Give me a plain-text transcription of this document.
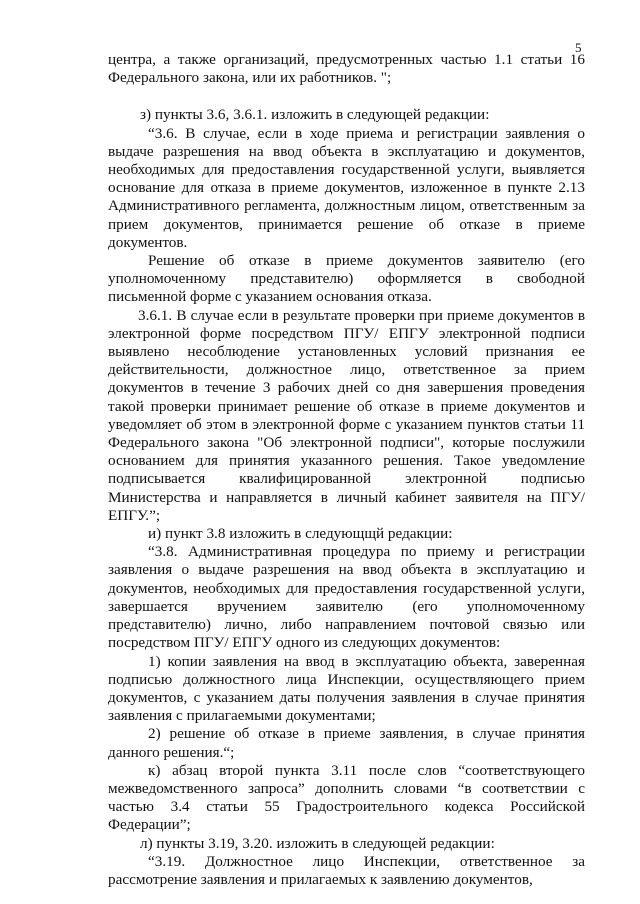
5

центра, а также организаций, предусмотренных частью 1.1 статьи 16 Федерального закона, или их работников. ";

з) пункты 3.6, 3.6.1. изложить в следующей редакции:

“3.6. В случае, если в ходе приема и регистрации заявления о выдаче разрешения на ввод объекта в эксплуатацию и документов, необходимых для предоставления государственной услуги, выявляется основание для отказа в приеме документов, изложенное в пункте 2.13 Административного регламента, должностным лицом, ответственным за прием документов, принимается решение об отказе в приеме документов.

Решение об отказе в приеме документов заявителю (его уполномоченному представителю) оформляется в свободной письменной форме с указанием основания отказа.

3.6.1. В случае если в результате проверки при приеме документов в электронной форме посредством ПГУ/ ЕПГУ электронной подписи выявлено несоблюдение установленных условий признания ее действительности, должностное лицо, ответственное за прием документов в течение 3 рабочих дней со дня завершения проведения такой проверки принимает решение об отказе в приеме документов и уведомляет об этом в электронной форме с указанием пунктов статьи 11 Федерального закона "Об электронной подписи", которые послужили основанием для принятия указанного решения. Такое уведомление подписывается квалифицированной электронной подписью Министерства и направляется в личный кабинет заявителя на ПГУ/ ЕПГУ.”;

и) пункт 3.8 изложить в следующщй редакции:

“3.8. Административная процедура по приему и регистрации заявления о выдаче разрешения на ввод объекта в эксплуатацию и документов, необходимых для предоставления государственной услуги, завершается вручением заявителю (его уполномоченному представителю) лично, либо направлением почтовой связью или посредством ПГУ/ ЕПГУ одного из следующих документов:

1) копии заявления на ввод в эксплуатацию объекта, заверенная подписью должностного лица Инспекции, осуществляющего прием документов, с указанием даты получения заявления в случае принятия заявления с прилагаемыми документами;

2) решение об отказе в приеме заявления, в случае принятия данного решения.“;

к) абзац второй пункта 3.11 после слов “соответствующего межведомственного запроса” дополнить словами “в соответствии с частью 3.4 статьи 55 Градостроительного кодекса Российской Федерации”;

л) пункты 3.19, 3.20. изложить в следующей редакции:

“3.19. Должностное лицо Инспекции, ответственное за рассмотрение заявления и прилагаемых к заявлению документов,
